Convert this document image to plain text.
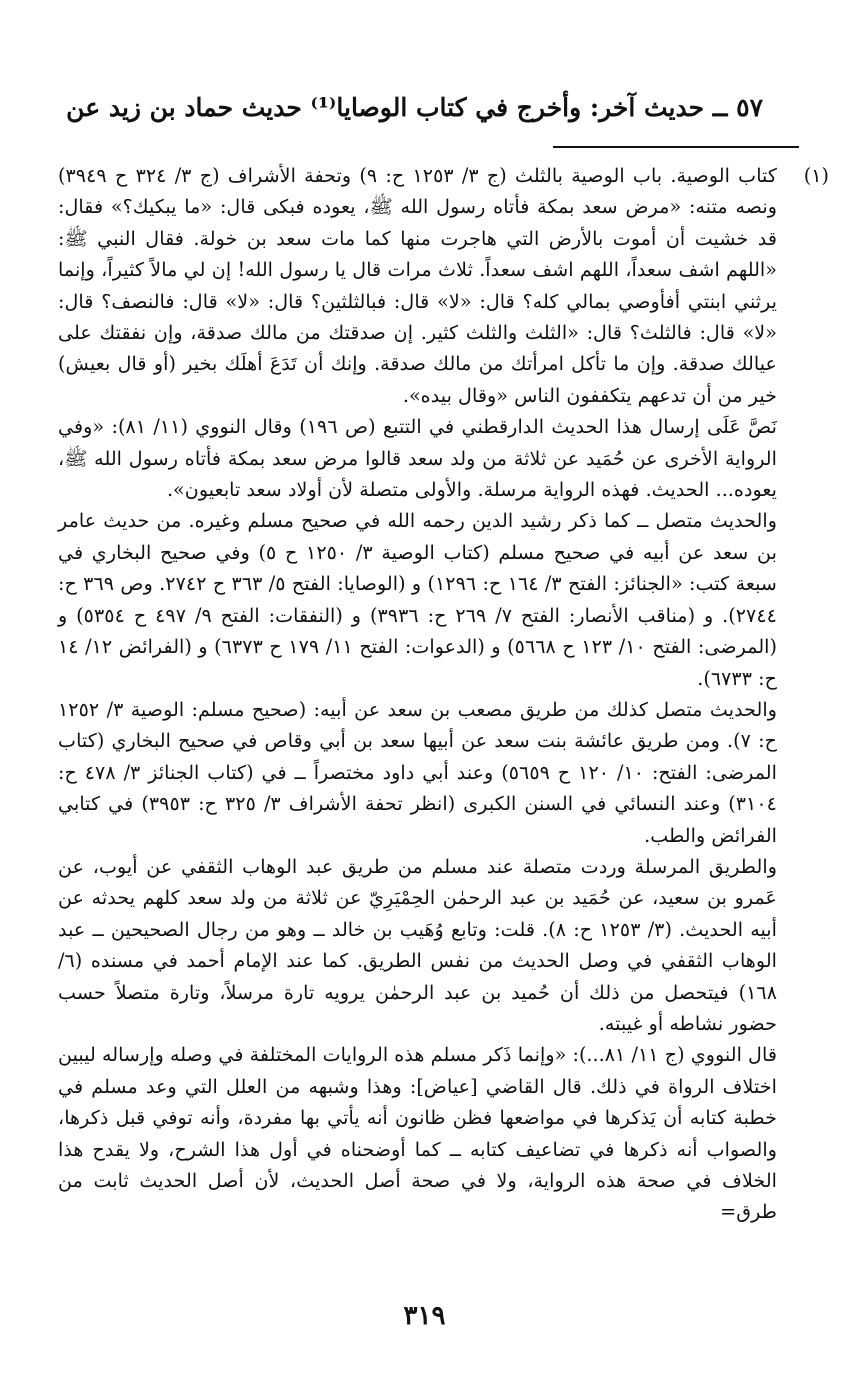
٥٧ ــ حديث آخر: وأخرج في كتاب الوصايا⁽¹⁾ حديث حماد بن زيد عن
(١)

كتاب الوصية. باب الوصية بالثلث (ج ٣/ ١٢٥٣ ح: ٩) وتحفة الأشراف (ج ٣/ ٣٢٤ ح ٣٩٤٩) ونصه متنه: «مرض سعد بمكة فأتاه رسول الله ﷺ، يعوده فبكى قال: «ما يبكيك؟» فقال: قد خشيت أن أموت بالأرض التي هاجرت منها كما مات سعد بن خولة. فقال النبي ﷺ: «اللهم اشف سعداً، اللهم اشف سعداً. ثلاث مرات قال يا رسول الله! إن لي مالاً كثيراً، وإنما يرثني ابنتي أفأوصي بمالي كله؟ قال: «لا» قال: فبالثلثين؟ قال: «لا» قال: فالنصف؟ قال: «لا» قال: فالثلث؟ قال: «الثلث والثلث كثير. إن صدقتك من مالك صدقة، وإن نفقتك على عيالك صدقة. وإن ما تأكل امرأتك من مالك صدقة. وإنك أن تَدَعَ أهلَك بخير (أو قال بعيش) خير من أن تدعهم يتكففون الناس «وقال بيده».

نَصَّ عَلَى إرسال هذا الحديث الدارقطني في التتبع (ص ١٩٦) وقال النووي (١١/ ٨١): «وفي الرواية الأخرى عن حُمَيد عن ثلاثة من ولد سعد قالوا مرض سعد بمكة فأتاه رسول الله ﷺ، يعوده... الحديث. فهذه الرواية مرسلة. والأولى متصلة لأن أولاد سعد تابعيون».

والحديث متصل ــ كما ذكر رشيد الدين رحمه الله في صحيح مسلم وغيره. من حديث عامر بن سعد عن أبيه في صحيح مسلم (كتاب الوصية ٣/ ١٢٥٠ ح ٥) وفي صحيح البخاري في سبعة كتب: «الجنائز: الفتح ٣/ ١٦٤ ح: ١٢٩٦) و (الوصايا: الفتح ٥/ ٣٦٣ ح ٢٧٤٢. وص ٣٦٩ ح: ٢٧٤٤). و (مناقب الأنصار: الفتح ٧/ ٢٦٩ ح: ٣٩٣٦) و (النفقات: الفتح ٩/ ٤٩٧ ح ٥٣٥٤) و (المرضى: الفتح ١٠/ ١٢٣ ح ٥٦٦٨) و (الدعوات: الفتح ١١/ ١٧٩ ح ٦٣٧٣) و (الفرائض ١٢/ ١٤ ح: ٦٧٣٣).

والحديث متصل كذلك من طريق مصعب بن سعد عن أبيه: (صحيح مسلم: الوصية ٣/ ١٢٥٢ ح: ٧). ومن طريق عائشة بنت سعد عن أبيها سعد بن أبي وقاص في صحيح البخاري (كتاب المرضى: الفتح: ١٠/ ١٢٠ ح ٥٦٥٩) وعند أبي داود مختصراً ــ في (كتاب الجنائز ٣/ ٤٧٨ ح: ٣١٠٤) وعند النسائي في السنن الكبرى (انظر تحفة الأشراف ٣/ ٣٢٥ ح: ٣٩٥٣) في كتابي الفرائض والطب.

والطريق المرسلة وردت متصلة عند مسلم من طريق عبد الوهاب الثقفي عن أيوب، عن عَمرو بن سعيد، عن حُمَيد بن عبد الرحمٰن الحِمْيَرِيّ عن ثلاثة من ولد سعد كلهم يحدثه عن أبيه الحديث. (٣/ ١٢٥٣ ح: ٨). قلت: وتابع وُهَيب بن خالد ــ وهو من رجال الصحيحين ــ عبد الوهاب الثقفي في وصل الحديث من نفس الطريق. كما عند الإمام أحمد في مسنده (٦/ ١٦٨) فيتحصل من ذلك أن حُميد بن عبد الرحمٰن يرويه تارة مرسلاً، وتارة متصلاً حسب حضور نشاطه أو غيبته.

قال النووي (ج ١١/ ٨١...): «وإنما ذَكر مسلم هذه الروايات المختلفة في وصله وإرساله ليبين اختلاف الرواة في ذلك. قال القاضي [عياض]: وهذا وشبهه من العلل التي وعد مسلم في خطبة كتابه أن يَذكرها في مواضعها فظن ظانون أنه يأتي بها مفردة، وأنه توفي قبل ذكرها، والصواب أنه ذكرها في تضاعيف كتابه ــ كما أوضحناه في أول هذا الشرح، ولا يقدح هذا الخلاف في صحة هذه الرواية، ولا في صحة أصل الحديث، لأن أصل الحديث ثابت من طرق=

٣١٩
